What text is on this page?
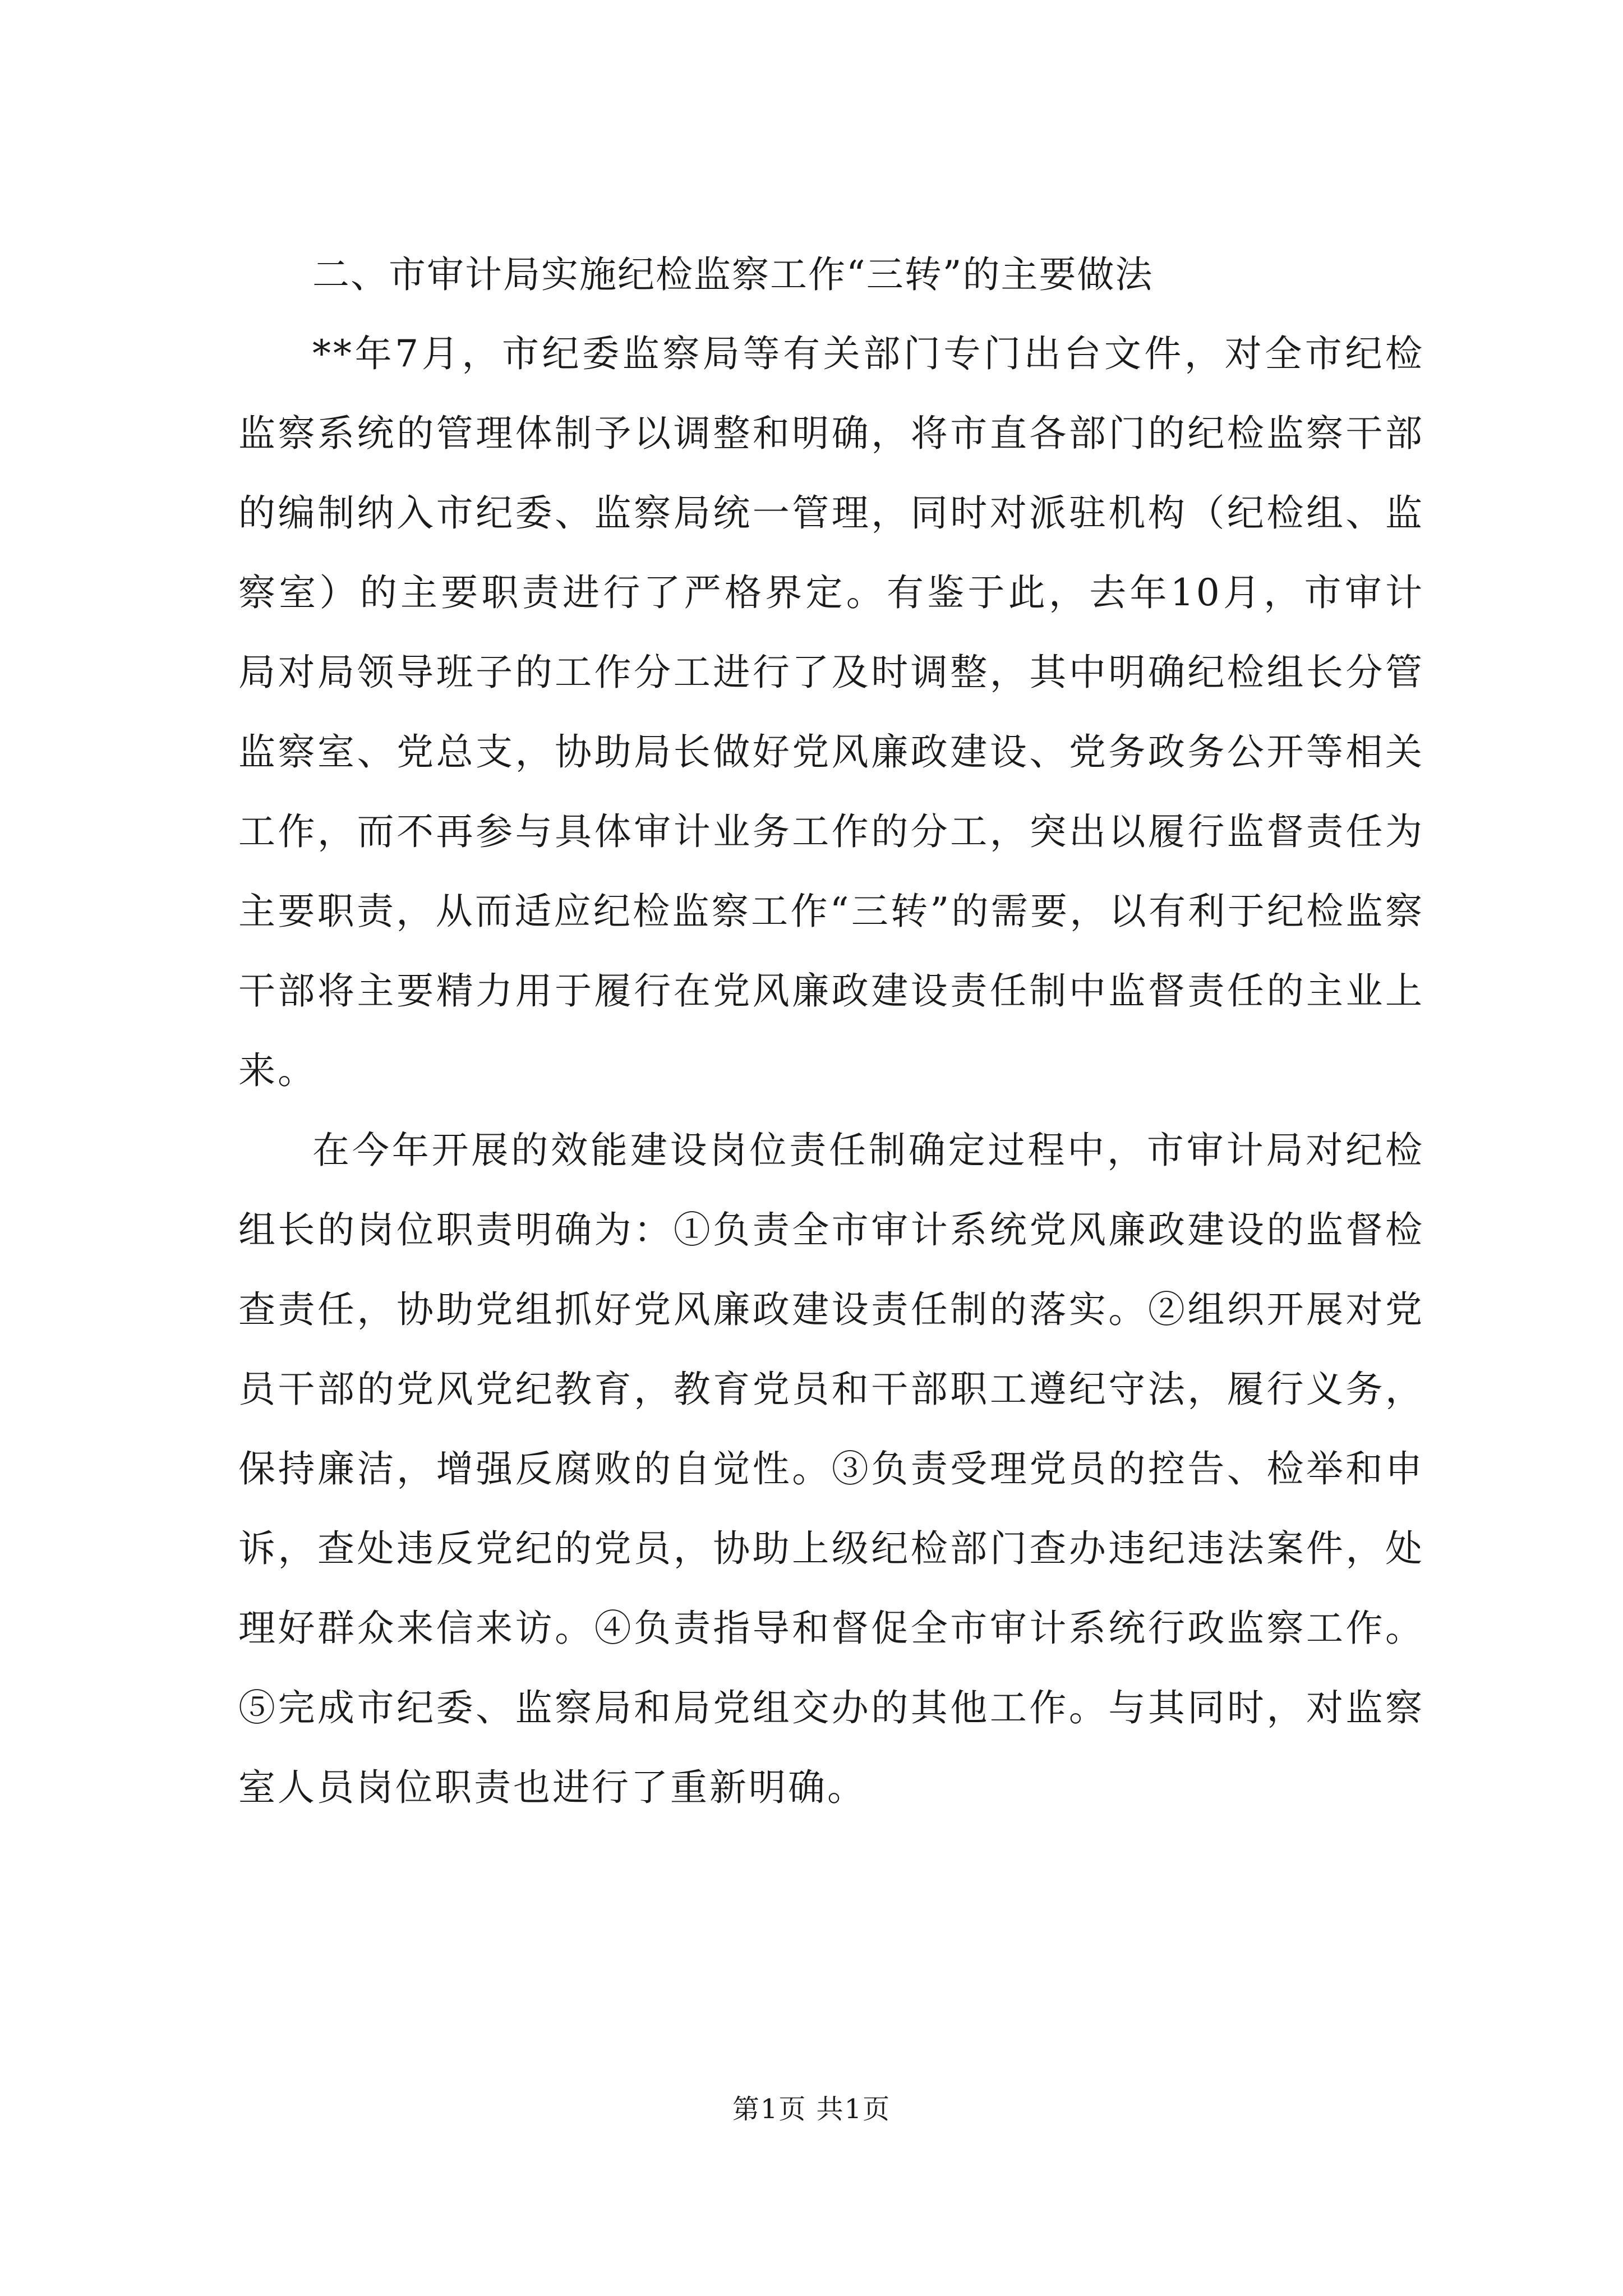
二、市审计局实施纪检监察工作“三转”的主要做法

**年7月，市纪委监察局等有关部门专门出台文件，对全市纪检监察系统的管理体制予以调整和明确，将市直各部门的纪检监察干部的编制纳入市纪委、监察局统一管理，同时对派驻机构（纪检组、监察室）的主要职责进行了严格界定。有鉴于此，去年10月，市审计局对局领导班子的工作分工进行了及时调整，其中明确纪检组长分管监察室、党总支，协助局长做好党风廉政建设、党务政务公开等相关工作，而不再参与具体审计业务工作的分工，突出以履行监督责任为主要职责，从而适应纪检监察工作“三转”的需要，以有利于纪检监察干部将主要精力用于履行在党风廉政建设责任制中监督责任的主业上来。

在今年开展的效能建设岗位责任制确定过程中，市审计局对纪检组长的岗位职责明确为：①负责全市审计系统党风廉政建设的监督检查责任，协助党组抓好党风廉政建设责任制的落实。②组织开展对党员干部的党风党纪教育，教育党员和干部职工遵纪守法，履行义务，保持廉洁，增强反腐败的自觉性。③负责受理党员的控告、检举和申诉，查处违反党纪的党员，协助上级纪检部门查办违纪违法案件，处理好群众来信来访。④负责指导和督促全市审计系统行政监察工作。⑤完成市纪委、监察局和局党组交办的其他工作。与其同时，对监察室人员岗位职责也进行了重新明确。

第1页 共1页
